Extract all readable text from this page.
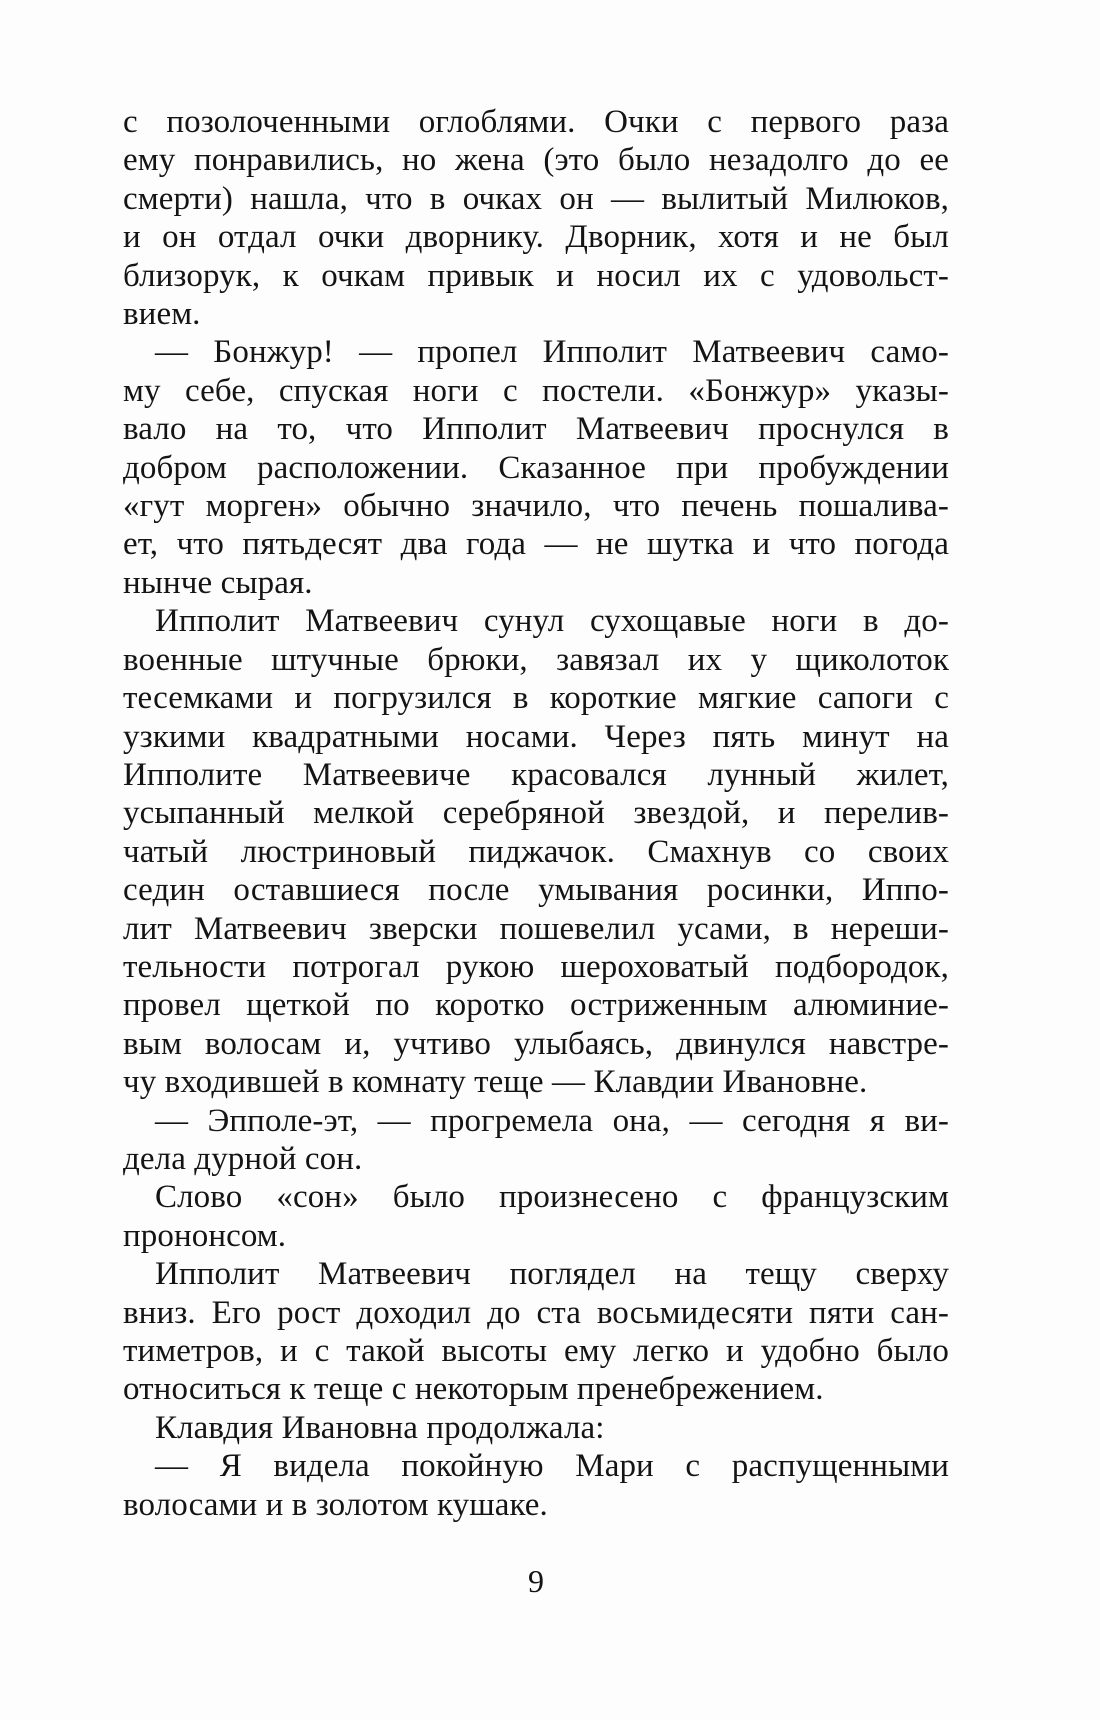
с позолоченными оглоблями. Очки с первого раза
ему понравились, но жена (это было незадолго до ее
смерти) нашла, что в очках он — вылитый Милюков,
и он отдал очки дворнику. Дворник, хотя и не был
близорук, к очкам привык и носил их с удовольст-
вием.

— Бонжур! — пропел Ипполит Матвеевич само-
му себе, спуская ноги с постели. «Бонжур» указы-
вало на то, что Ипполит Матвеевич проснулся в
добром расположении. Сказанное при пробуждении
«гут морген» обычно значило, что печень пошалива-
ет, что пятьдесят два года — не шутка и что погода
нынче сырая.

Ипполит Матвеевич сунул сухощавые ноги в до-
военные штучные брюки, завязал их у щиколоток
тесемками и погрузился в короткие мягкие сапоги с
узкими квадратными носами. Через пять минут на
Ипполите Матвеевиче красовался лунный жилет,
усыпанный мелкой серебряной звездой, и перелив-
чатый люстриновый пиджачок. Смахнув со своих
седин оставшиеся после умывания росинки, Иппо-
лит Матвеевич зверски пошевелил усами, в нереши-
тельности потрогал рукою шероховатый подбородок,
провел щеткой по коротко остриженным алюминие-
вым волосам и, учтиво улыбаясь, двинулся навстре-
чу входившей в комнату теще — Клавдии Ивановне.

— Эпполе-эт, — прогремела она, — сегодня я ви-
дела дурной сон.

Слово «сон» было произнесено с французским
прононсом.

Ипполит Матвеевич поглядел на тещу сверху
вниз. Его рост доходил до ста восьмидесяти пяти сан-
тиметров, и с такой высоты ему легко и удобно было
относиться к теще с некоторым пренебрежением.

Клавдия Ивановна продолжала:

— Я видела покойную Мари с распущенными
волосами и в золотом кушаке.

9
